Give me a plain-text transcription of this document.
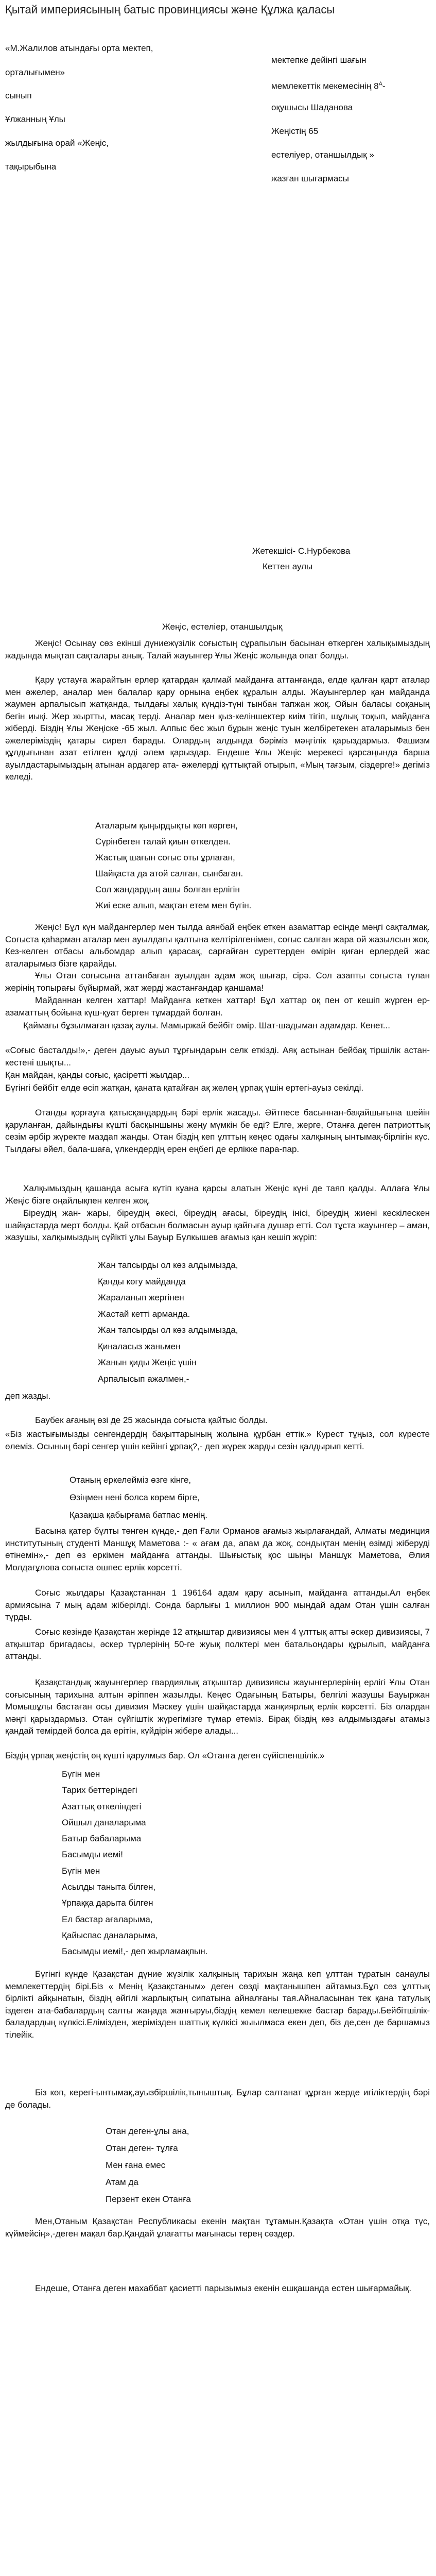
Қытай империясының батыс провинциясы және Құлжа қаласы
«М.Жалилов атындағы орта мектеп,
мектепке дейінгі шағын
орталығымен»
мемлекеттік мекемесінің $8^А-$
сынып
оқушысы Шаданова
Ұлжанның Ұлы
Жеңістің 65
жылдығына орай «Жеңіс,
естеліуер, отаншылдық »
тақырыбына
жазған шығармасы
Жетекшісі- С.Нурбекова
Кеттен аулы
Жеңіс, естеліер, отаншылдық
Жеңіс! Осынау сөз екінші дүниежүзілік соғыстың сұрапылын басынан өткерген халықымыздың жадында мықтап сақталары анық. Талай жауынгер Ұлы Жеңіс жолында опат болды.
Қару ұстауға жарайтын ерлер қатардан қалмай майданға аттанғанда, елде қалған қарт аталар мен әжелер, аналар мен балалар қару орнына еңбек құралын алды. Жауынгерлер қан майданда жаумен арпалысып жатқанда, тылдағы халық күндіз-түні тынбан тапжан жоқ. Ойын баласы соқаның бегін иықі. Жер жыртты, масақ терді. Аналар мен қыз-келіншектер киім тігіп, шұлық тоқып, майданға жіберді. Біздің Ұлы Жеңіске -65 жыл. Алпыс бес жыл бұрын жеңіс туын желбіретекен аталарымыз бен әжелеріміздің қатары сирел барады. Олардың алдында бәріміз мәңгілік қарыздармыз. Фашизм құлдығынан азат етілген құлді әлем қарыздар. Ендеше Ұлы Жеңіс мерекесі қарсаңында барша ауылдастарымыздың атынан ардагер ата- әжелерді құттықтай отырып, «Мың тағзым, сіздерге!» дегіміз келеді.
Аталарым қыңырдықты көп көрген,
Сүрінбеген талай қиын өткелден.
Жастық шағын соғыс оты ұрлаған,
Шайқаста да атой салған, сынбаған.
Сол жандардың ашы болған ерлігін
Жиі еске алып, мақтан етем мен бүгін.
Жеңіс! Бұл күн майдангерлер мен тылда аянбай еңбек еткен азаматтар есінде мәңгі сақталмақ. Соғыста қаһарман аталар мен ауылдағы қалтына келтірілгенімен, соғыс салған жара ой жазылсын жоқ. Кез-келген отбасы альбомдар алып қарасақ, сарғайған суреттерден өмірін қиған ерлердей жас аталарымыз бізге қарайды.
Ұлы Отан соғысына аттанбаған ауылдан адам жоқ шығар, сірә. Сол азапты соғыста түлан жерінің топырағы бұйырмай, жат жерді жастанғандар қаншама!
Майданнан келген хаттар! Майданға кеткен хаттар! Бұл хаттар оқ пен от кешіп жүрген ер-азаматтың бойына күш-қуат берген тұмардай болған.
Қаймағы бұзылмаған қазақ аулы. Мамыржай бейбіт өмір. Шат-шадыман адамдар. Кенет...
«Соғыс басталды!»,- деген дауыс ауыл тұрғындарын селк еткізді. Аяқ астынан бейбақ тіршілік астан- кестені шықты...
Қан майдан, қанды соғыс, қасіретті жылдар...
Бүгінгі бейбіт елде өсіп жатқан, қаната қатайған ақ желең ұрпақ үшін ертегі-ауыз секілді.
Отанды қорғауға қатысқандардың бәрі ерлік жасады. Әйтпесе басыннан-бақайшығына шейін қаруланған, дайындығы күшті басқыншыны жеңу мүмкін бе еді? Елге, жерге, Отанға деген патриоттық сезім әрбір жүректе маздап жанды. Отан біздің кеп ұлттың кеңес одағы халқының ынтымақ-бірлігін күс. Тылдағы әйел, бала-шаға, үлкендердің ерен еңбегі де ерлікке пара-пар.
Халқымыздың қашанда асыға күтіп куана қарсы алатын Жеңіс күні де таяп қалды. Аллаға Ұлы Жеңіс бізге оңайлықпен келген жоқ.
Біреудің жан- жары, біреудің әкесі, біреудің ағасы, біреудің інісі, біреудің жиені кескілескен шайқастарда мерт болды. Қай отбасын болмасын ауыр қайғыға душар етті. Сол тұста жауынгер – аман, жазушы, халқымыздың сүйікті ұлы Бауыр Бүлкышев ағамыз қан кешіп жүріп:
Жан тапсырды ол көз алдымызда,
Қанды көгу майданда
Жараланып жергінен
Жастай кетті арманда.
Жан тапсырды ол көз алдымызда,
Қиналасыз жаньмен
Жанын қиды Жеңіс үшін
Арпалысып ажалмен,-
деп жазды.
Баубек ағаның өзі де 25 жасында соғыста қайтыс болды.
«Біз жастығымызды сенгендердің бақыттарының жолына құрбан еттік.» Курест тұңыз, сол күресте өлеміз. Осының бәрі сенгер үшін кейінгі ұрпақ?,- деп жүрек жарды сезін қалдырып кетті.
Отаның еркелейміз өзге кінге,
Өзіңмен нені болса көрем бірге,
Қазақша қабырғама батпас менің.
Басына қатер бұлты төнген күнде,- деп Ғали Орманов ағамыз жырлағандай, Алматы мединция институтының студенті Маншұқ Маметова :- « ағам да, апам да жоқ, сондықтан менің өзімді жіберуді өтінемін»,- деп өз еркімен майданға аттанды. Шығыстық қос шыңы Маншұк Маметова, Әлия Молдағұлова соғыста өшпес ерлік көрсетті.
Соғыс жылдары Қазақстаннан 1 196164 адам қару асынып, майданға аттанды.Ал еңбек армиясына 7 мың адам жіберілді. Сонда барлығы 1 миллион 900 мыңдай адам Отан үшін салған тұрды.
Соғыс кезінде Қазақстан жерінде 12 атқыштар дивизиясы мен 4 ұлттық атты әскер дивизиясы, 7 атқыштар бригадасы, әскер түрлерінің 50-ге жуық полктері мен батальондары құрылып, майданға аттанды.
Қазақстандық жауынгерлер гвардиялық атқыштар дивизиясы жауынгерлерінің ерлігі Ұлы Отан соғысының тарихына алтын әріппен жазылды. Кеңес Одағының Батыры, белгілі жазушы Бауыржан Момышұлы бастаған осы дивизия Мәскеу үшін шайқастарда жанқиярлық ерлік көрсетті. Біз олардан мәңгі қарыздармыз. Отан сүйгіштік жүрегімізге тұмар етеміз. Бірақ біздің көз алдымыздағы атамыз қандай темірдей болса да ерітін, күйдірін жібере алады...
Біздің үрпақ жеңістің өң күшті қарулмыз бар. Ол «Отанға деген сүйіспеншілік.»
Бүгін мен
Тарих беттеріндегі
Азаттық өткеліндегі
Ойшыл даналарыма
Батыр бабаларыма
Басымды иемі!
Бүгін мен
Асылды таныта білген,
Ұрпаққа дарыта білген
Ел бастар ағаларыма,
Қайыспас даналарыма,
Басымды иемі!,- деп жырламақпын.
Бүгінгі күнде Қазақстан дүние жүзілік халқының тарихын жаңа кеп ұлттан тұратын санаулы мемлекеттердің бірі.Біз « Менің Қазақстаным» деген сөзді мақтанышпен айтамыз.Бұл сөз ұлттық бірлікті айқынатын, біздің әйгілі жарлықтың сипатына айналғаны тая.Айналасынан тек қана татулық іздеген ата-бабалардың салты жаңада жанғыруы,біздің кемел келешекке бастар барады.Бейбітшілік-баладардың күлкісі.Елімізден, жерімізден шаттық күлкісі жыылмаса екен деп, біз де,сен де баршамыз тілейік.
Біз көп, керегі-ынтымақ,ауызбіршілік,тыныштық. Бұлар салтанат құрған жерде игіліктердің бәрі де болады.
Отан деген-ұлы ана,
Отан деген- тұлға
Мен ғана емес
Атам да
Перзент екен Отанға
Мен,Отаным Қазақстан Республикасы екенін мақтан тұтамын.Қазақта «Отан үшін отқа түс, күймейсің»,-деген мақал бар.Қандай ұлағатты мағынасы терең сөздер.
Ендеше, Отанға деген махаббат қасиетті парызымыз екенін ешқашанда естен шығармайық.
